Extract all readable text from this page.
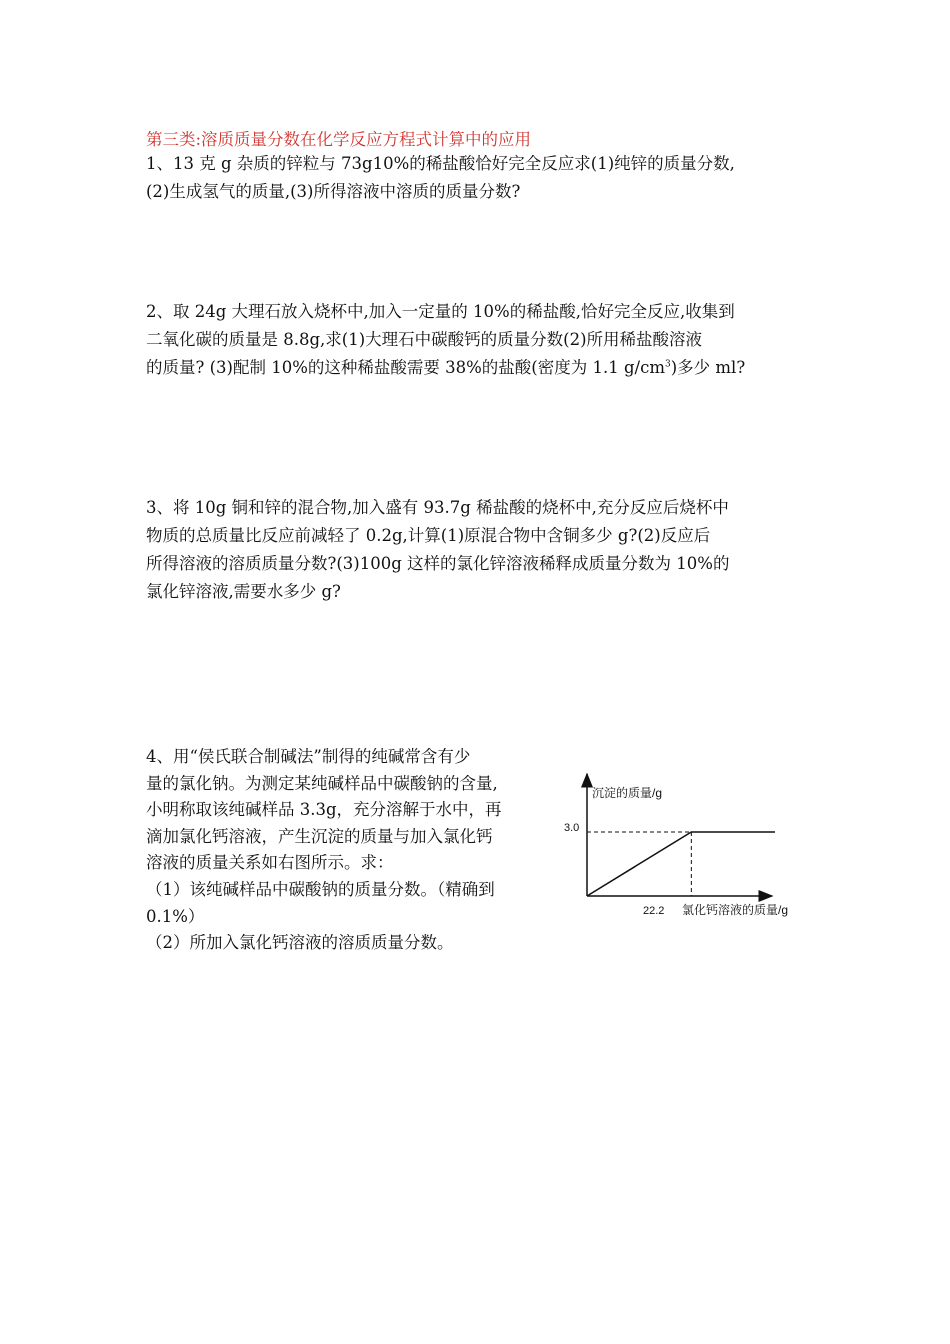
第三类:溶质质量分数在化学反应方程式计算中的应用

1、13 克 g 杂质的锌粒与 73g10%的稀盐酸恰好完全反应求(1)纯锌的质量分数,

(2)生成氢气的质量,(3)所得溶液中溶质的质量分数?

2、取 24g 大理石放入烧杯中,加入一定量的 10%的稀盐酸,恰好完全反应,收集到

二氧化碳的质量是 8.8g,求(1)大理石中碳酸钙的质量分数(2)所用稀盐酸溶液

的质量? (3)配制 10%的这种稀盐酸需要 38%的盐酸(密度为 1.1 $g/cm^3$)多少 ml?

3、将 10g 铜和锌的混合物,加入盛有 93.7g 稀盐酸的烧杯中,充分反应后烧杯中

物质的总质量比反应前减轻了 0.2g,计算(1)原混合物中含铜多少 g?(2)反应后

所得溶液的溶质质量分数?(3)100g 这样的氯化锌溶液稀释成质量分数为 10%的

氯化锌溶液,需要水多少 g?

4、用“侯氏联合制碱法”制得的纯碱常含有少

量的氯化钠。为测定某纯碱样品中碳酸钠的含量,

小明称取该纯碱样品 3.3g，充分溶解于水中，再

滴加氯化钙溶液，产生沉淀的质量与加入氯化钙

溶液的质量关系如右图所示。求：

（1）该纯碱样品中碳酸钠的质量分数。（精确到

0.1%）

（2）所加入氯化钙溶液的溶质质量分数。

沉淀的质量/g
氯化钙溶液的质量/g
3.0
22.2
